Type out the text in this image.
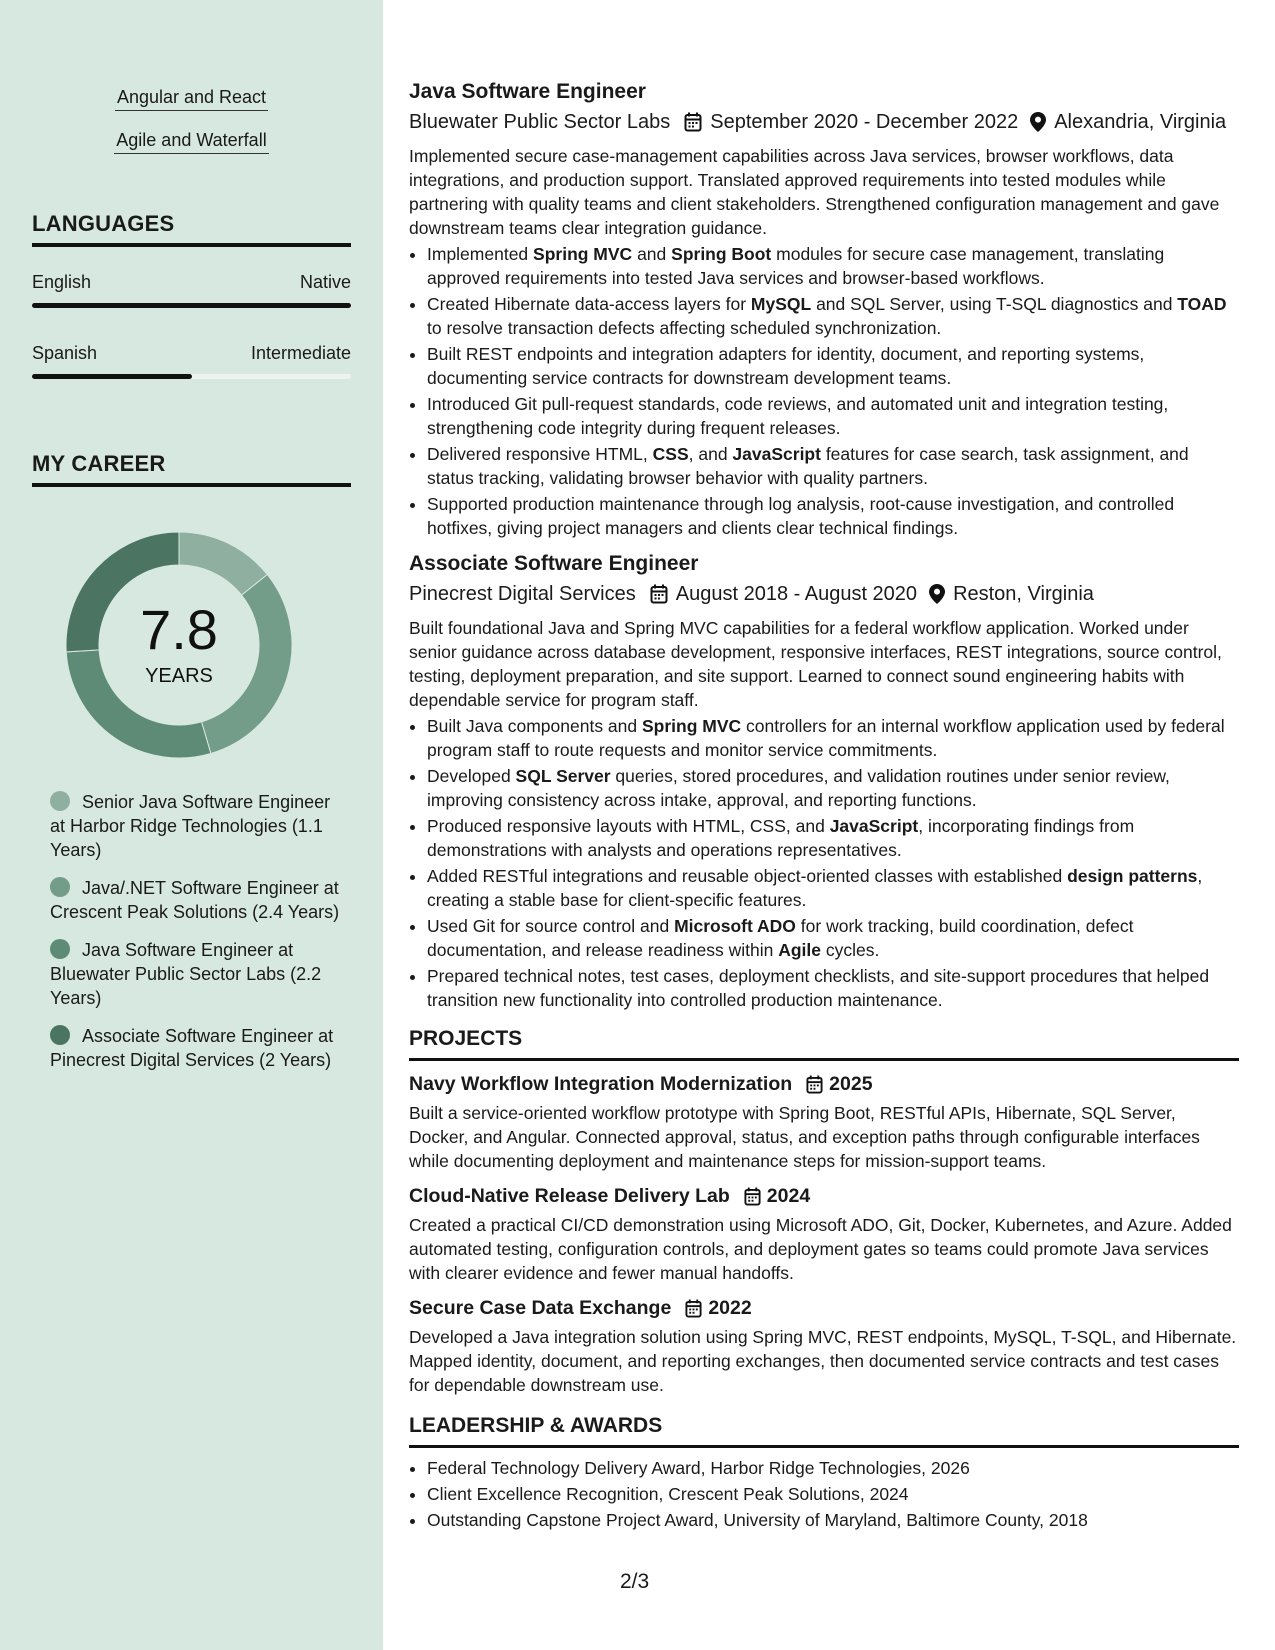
Angular and React
Agile and Waterfall
LANGUAGES
English	Native
Spanish	Intermediate
MY CAREER
7.8
YEARS
Senior Java Software Engineer at Harbor Ridge Technologies (1.1 Years)
Java/.NET Software Engineer at Crescent Peak Solutions (2.4 Years)
Java Software Engineer at Bluewater Public Sector Labs (2.2 Years)
Associate Software Engineer at Pinecrest Digital Services (2 Years)
Java Software Engineer
Bluewater Public Sector Labs September 2020 - December 2022 Alexandria, Virginia
Implemented secure case-management capabilities across Java services, browser workflows, data integrations, and production support. Translated approved requirements into tested modules while partnering with quality teams and client stakeholders. Strengthened configuration management and gave downstream teams clear integration guidance.
• Implemented Spring MVC and Spring Boot modules for secure case management, translating approved requirements into tested Java services and browser-based workflows.
• Created Hibernate data-access layers for MySQL and SQL Server, using T-SQL diagnostics and TOAD to resolve transaction defects affecting scheduled synchronization.
• Built REST endpoints and integration adapters for identity, document, and reporting systems, documenting service contracts for downstream development teams.
• Introduced Git pull-request standards, code reviews, and automated unit and integration testing, strengthening code integrity during frequent releases.
• Delivered responsive HTML, CSS, and JavaScript features for case search, task assignment, and status tracking, validating browser behavior with quality partners.
• Supported production maintenance through log analysis, root-cause investigation, and controlled hotfixes, giving project managers and clients clear technical findings.
Associate Software Engineer
Pinecrest Digital Services August 2018 - August 2020 Reston, Virginia
Built foundational Java and Spring MVC capabilities for a federal workflow application. Worked under senior guidance across database development, responsive interfaces, REST integrations, source control, testing, deployment preparation, and site support. Learned to connect sound engineering habits with dependable service for program staff.
• Built Java components and Spring MVC controllers for an internal workflow application used by federal program staff to route requests and monitor service commitments.
• Developed SQL Server queries, stored procedures, and validation routines under senior review, improving consistency across intake, approval, and reporting functions.
• Produced responsive layouts with HTML, CSS, and JavaScript, incorporating findings from demonstrations with analysts and operations representatives.
• Added RESTful integrations and reusable object-oriented classes with established design patterns, creating a stable base for client-specific features.
• Used Git for source control and Microsoft ADO for work tracking, build coordination, defect documentation, and release readiness within Agile cycles.
• Prepared technical notes, test cases, deployment checklists, and site-support procedures that helped transition new functionality into controlled production maintenance.
PROJECTS
Navy Workflow Integration Modernization 2025
Built a service-oriented workflow prototype with Spring Boot, RESTful APIs, Hibernate, SQL Server, Docker, and Angular. Connected approval, status, and exception paths through configurable interfaces while documenting deployment and maintenance steps for mission-support teams.
Cloud-Native Release Delivery Lab 2024
Created a practical CI/CD demonstration using Microsoft ADO, Git, Docker, Kubernetes, and Azure. Added automated testing, configuration controls, and deployment gates so teams could promote Java services with clearer evidence and fewer manual handoffs.
Secure Case Data Exchange 2022
Developed a Java integration solution using Spring MVC, REST endpoints, MySQL, T-SQL, and Hibernate. Mapped identity, document, and reporting exchanges, then documented service contracts and test cases for dependable downstream use.
LEADERSHIP & AWARDS
• Federal Technology Delivery Award, Harbor Ridge Technologies, 2026
• Client Excellence Recognition, Crescent Peak Solutions, 2024
• Outstanding Capstone Project Award, University of Maryland, Baltimore County, 2018
2/3
